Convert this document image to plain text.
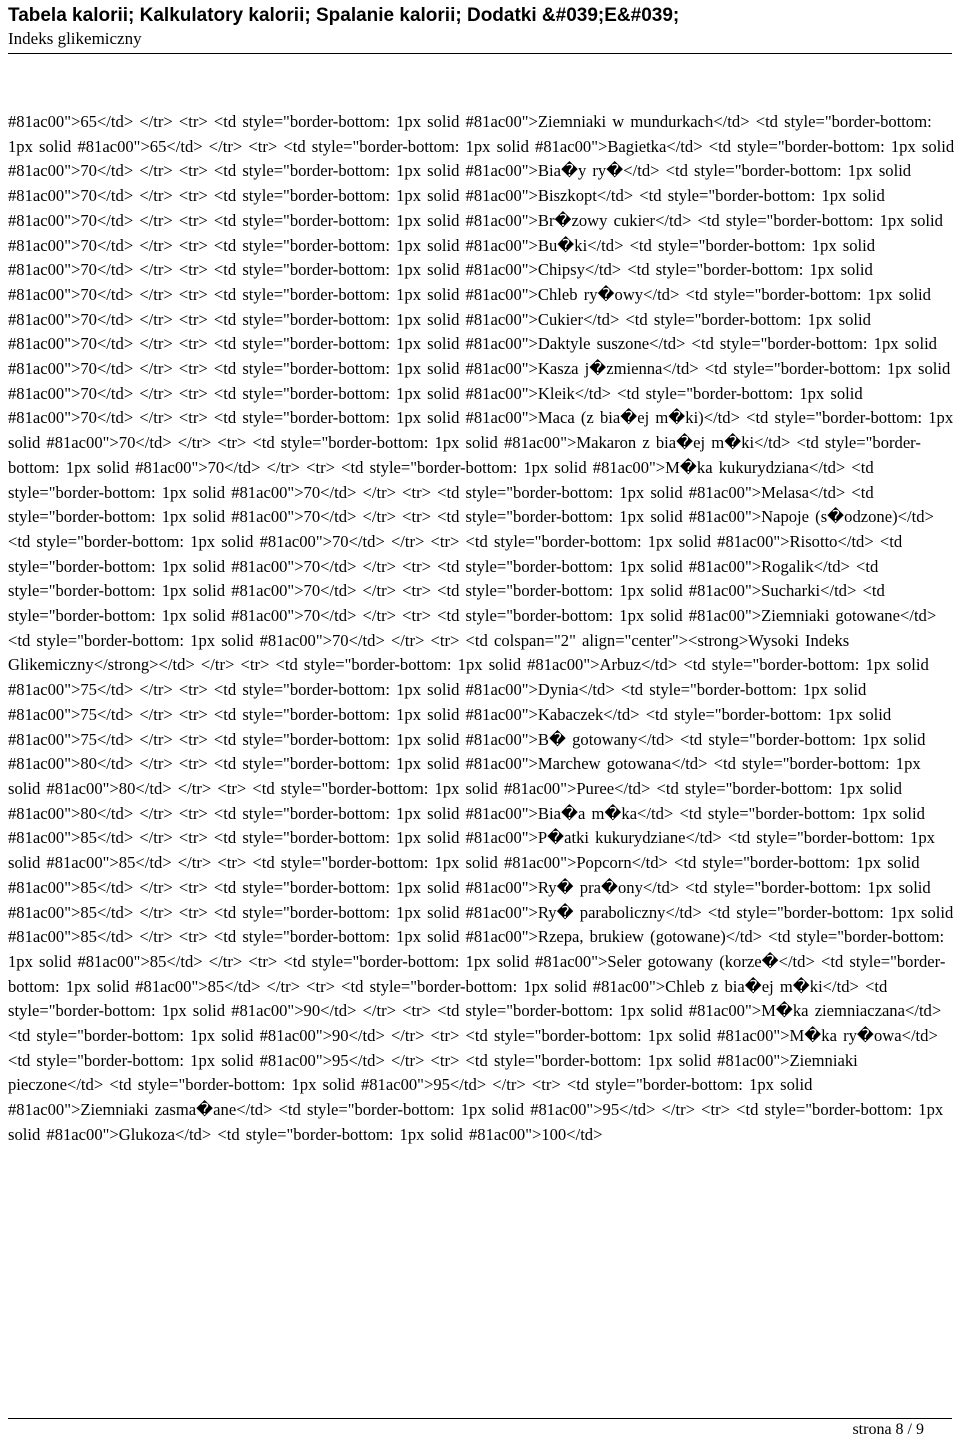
Tabela kalorii; Kalkulatory kalorii; Spalanie kalorii; Dodatki &#039;E&#039;
Indeks glikemiczny
#81ac00">65</td> </tr> <tr> <td style="border-bottom: 1px solid #81ac00">Ziemniaki w mundurkach</td> <td style="border-bottom: 1px solid #81ac00">65</td> </tr> <tr> <td style="border-bottom: 1px solid #81ac00">Bagietka</td> <td style="border-bottom: 1px solid #81ac00">70</td> </tr> <tr> <td style="border-bottom: 1px solid #81ac00">Bia�y ry�</td> <td style="border-bottom: 1px solid #81ac00">70</td> </tr> <tr> <td style="border-bottom: 1px solid #81ac00">Biszkopt</td> <td style="border-bottom: 1px solid #81ac00">70</td> </tr> <tr> <td style="border-bottom: 1px solid #81ac00">Br�zowy cukier</td> <td style="border-bottom: 1px solid #81ac00">70</td> </tr> <tr> <td style="border-bottom: 1px solid #81ac00">Bu�ki</td> <td style="border-bottom: 1px solid #81ac00">70</td> </tr> <tr> <td style="border-bottom: 1px solid #81ac00">Chipsy</td> <td style="border-bottom: 1px solid #81ac00">70</td> </tr> <tr> <td style="border-bottom: 1px solid #81ac00">Chleb ry�owy</td> <td style="border-bottom: 1px solid #81ac00">70</td> </tr> <tr> <td style="border-bottom: 1px solid #81ac00">Cukier</td> <td style="border-bottom: 1px solid #81ac00">70</td> </tr> <tr> <td style="border-bottom: 1px solid #81ac00">Daktyle suszone</td> <td style="border-bottom: 1px solid #81ac00">70</td> </tr> <tr> <td style="border-bottom: 1px solid #81ac00">Kasza j�zmienna</td> <td style="border-bottom: 1px solid #81ac00">70</td> </tr> <tr> <td style="border-bottom: 1px solid #81ac00">Kleik</td> <td style="border-bottom: 1px solid #81ac00">70</td> </tr> <tr> <td style="border-bottom: 1px solid #81ac00">Maca (z bia�ej m�ki)</td> <td style="border-bottom: 1px solid #81ac00">70</td> </tr> <tr> <td style="border-bottom: 1px solid #81ac00">Makaron z bia�ej m�ki</td> <td style="border-bottom: 1px solid #81ac00">70</td> </tr> <tr> <td style="border-bottom: 1px solid #81ac00">M�ka kukurydziana</td> <td style="border-bottom: 1px solid #81ac00">70</td> </tr> <tr> <td style="border-bottom: 1px solid #81ac00">Melasa</td> <td style="border-bottom: 1px solid #81ac00">70</td> </tr> <tr> <td style="border-bottom: 1px solid #81ac00">Napoje (s�odzone)</td> <td style="border-bottom: 1px solid #81ac00">70</td> </tr> <tr> <td style="border-bottom: 1px solid #81ac00">Risotto</td> <td style="border-bottom: 1px solid #81ac00">70</td> </tr> <tr> <td style="border-bottom: 1px solid #81ac00">Rogalik</td> <td style="border-bottom: 1px solid #81ac00">70</td> </tr> <tr> <td style="border-bottom: 1px solid #81ac00">Sucharki</td> <td style="border-bottom: 1px solid #81ac00">70</td> </tr> <tr> <td style="border-bottom: 1px solid #81ac00">Ziemniaki gotowane</td> <td style="border-bottom: 1px solid #81ac00">70</td> </tr> <tr> <td colspan="2" align="center"><strong>Wysoki Indeks Glikemiczny</strong></td> </tr> <tr> <td style="border-bottom: 1px solid #81ac00">Arbuz</td> <td style="border-bottom: 1px solid #81ac00">75</td> </tr> <tr> <td style="border-bottom: 1px solid #81ac00">Dynia</td> <td style="border-bottom: 1px solid #81ac00">75</td> </tr> <tr> <td style="border-bottom: 1px solid #81ac00">Kabaczek</td> <td style="border-bottom: 1px solid #81ac00">75</td> </tr> <tr> <td style="border-bottom: 1px solid #81ac00">B� gotowany</td> <td style="border-bottom: 1px solid #81ac00">80</td> </tr> <tr> <td style="border-bottom: 1px solid #81ac00">Marchew gotowana</td> <td style="border-bottom: 1px solid #81ac00">80</td> </tr> <tr> <td style="border-bottom: 1px solid #81ac00">Puree</td> <td style="border-bottom: 1px solid #81ac00">80</td> </tr> <tr> <td style="border-bottom: 1px solid #81ac00">Bia�a m�ka</td> <td style="border-bottom: 1px solid #81ac00">85</td> </tr> <tr> <td style="border-bottom: 1px solid #81ac00">P�atki kukurydziane</td> <td style="border-bottom: 1px solid #81ac00">85</td> </tr> <tr> <td style="border-bottom: 1px solid #81ac00">Popcorn</td> <td style="border-bottom: 1px solid #81ac00">85</td> </tr> <tr> <td style="border-bottom: 1px solid #81ac00">Ry� pra�ony</td> <td style="border-bottom: 1px solid #81ac00">85</td> </tr> <tr> <td style="border-bottom: 1px solid #81ac00">Ry� paraboliczny</td> <td style="border-bottom: 1px solid #81ac00">85</td> </tr> <tr> <td style="border-bottom: 1px solid #81ac00">Rzepa, brukiew (gotowane)</td> <td style="border-bottom: 1px solid #81ac00">85</td> </tr> <tr> <td style="border-bottom: 1px solid #81ac00">Seler gotowany (korze�</td> <td style="border-bottom: 1px solid #81ac00">85</td> </tr> <tr> <td style="border-bottom: 1px solid #81ac00">Chleb z bia�ej m�ki</td> <td style="border-bottom: 1px solid #81ac00">90</td> </tr> <tr> <td style="border-bottom: 1px solid #81ac00">M�ka ziemniaczana</td> <td style="border-bottom: 1px solid #81ac00">90</td> </tr> <tr> <td style="border-bottom: 1px solid #81ac00">M�ka ry�owa</td> <td style="border-bottom: 1px solid #81ac00">95</td> </tr> <tr> <td style="border-bottom: 1px solid #81ac00">Ziemniaki pieczone</td> <td style="border-bottom: 1px solid #81ac00">95</td> </tr> <tr> <td style="border-bottom: 1px solid #81ac00">Ziemniaki zasma�ane</td> <td style="border-bottom: 1px solid #81ac00">95</td> </tr> <tr> <td style="border-bottom: 1px solid #81ac00">Glukoza</td> <td style="border-bottom: 1px solid #81ac00">100</td>
strona 8 / 9
